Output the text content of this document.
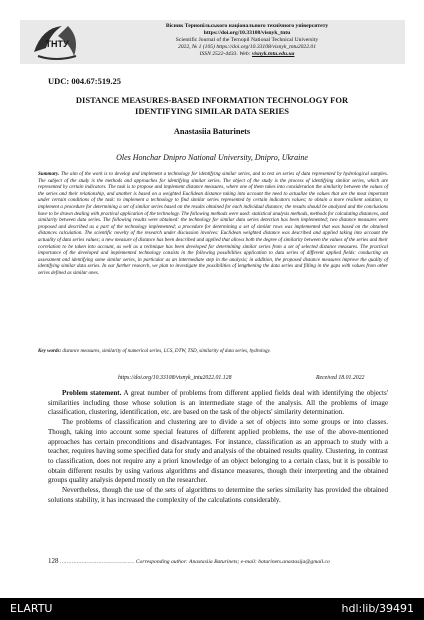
ТНТУ
Вісник Тернопільського національного технічного університету
https://doi.org/10.33108/visnyk_tntu
Scientific Journal of the Ternopil National Technical University
2022, № 1 (105) https://doi.org/10.33108/visnyk_tntu2022.01
ISSN 2522-4433. Web: visnyk.tntu.edu.ua
UDC: 004.67:519.25
DISTANCE MEASURES-BASED INFORMATION TECHNOLOGY FOR
IDENTIFYING SIMILAR DATA SERIES
Anastasiia Baturinets
Oles Honchar Dnipro National University, Dnipro, Ukraine
Summary. The aim of the work is to develop and implement a technology for identifying similar series, and to test on series of data represented by hydrological samples. The subject of the study is the methods and approaches for identifying similar series. The object of the study is the process of identifying similar series, which are represented by certain indicators. The task is to propose and implement distance measures, where one of them takes into consideration the similarity between the values of the series and their relationship, and another is based on a weighted Euclidean distance taking into account the need to actualize the values that are the most important under certain conditions of the task: to implement a technology to find similar series represented by certain indicators values; to obtain a more resilient solution, to implement a procedure for determining a set of similar series based on the results obtained for each individual distance; the results should be analyzed and the conclusions have to be drawn dealing with practical application of the technology. The following methods were used: statistical analysis methods, methods for calculating distances, and similarity between data series. The following results were obtained: the technology for similar data series detection has been implemented; two distance measures were proposed and described as a part of the technology implemented; a procedure for determining a set of similar rows was implemented that was based on the obtained distances calculation. The scientific novelty of the research under discussion involves: Euclidean weighted distance was described and applied taking into account the actuality of data series values; a new measure of distance has been described and applied that allows both the degree of similarity between the values of the series and their correlation to be taken into account, as well as a technique has been developed for determining similar series from a set of selected distance measures. The practical importance of the developed and implemented technology consists in the following possibilities application to data series of different applied fields: conducting an assessment and identifying some similar series, in particular as an intermediate step in the analysis; in addition, the proposed distance measures improve the quality of identifying similar data series. In our further research, we plan to investigate the possibilities of lengthening the data series and filling in the gaps with values from other series defined as similar ones.
Key words: distance measures, similarity of numerical series, LCS, DTW, TSD, similarity of data series, hydrology.
https://doi.org/10.33108/visnyk_tntu2022.01.128	Received 18.01.2022

Problem statement. A great number of problems from different applied fields deal with identifying the objects' similarities including those whose solution is an intermediate stage of the analysis. All the problems of image classification, clustering, identification, etc. are based on the task of the objects' similarity determination.

The problems of classification and clustering are to divide a set of objects into some groups or into classes. Though, taking into account some special features of different applied problems, the use of the above-mentioned approaches has certain preconditions and disadvantages. For instance, classification as an approach to study with a teacher, requires having some specified data for study and analysis of the obtained results quality. Clustering, in contrast to classification, does not require any a priori knowledge of an object belonging to a certain class, but it is possible to obtain different results by using various algorithms and distance measures, though their interpreting and the obtained groups quality analysis depend mostly on the researcher.

Nevertheless, though the use of the sets of algorithms to determine the series similarity has provided the obtained solutions stability, it has increased the complexity of the calculations considerably.

128 ……………………………………… Corresponding author: Anastasiia Baturinets; e-mail: baturinets.anastasija@gmail.co
ELARTU	hdl:lib/39491
